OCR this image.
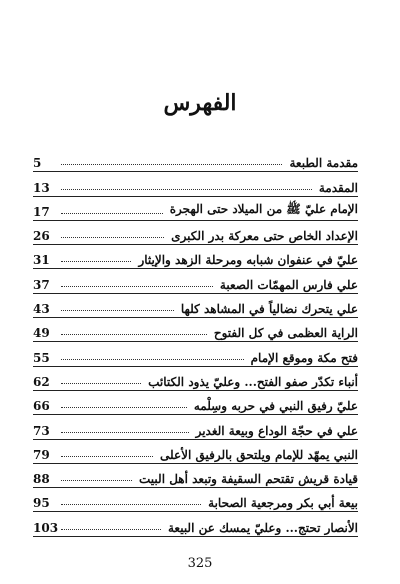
الفهرس
مقدمة الطبعة
5
المقدمة
13
الإمام عليّ ﷺ من الميلاد حتى الهجرة
17
الإعداد الخاص حتى معركة بدر الكبرى
26
عليّ في عنفوان شبابه ومرحلة الزهد والإيثار
31
علي فارس المهمّات الصعبة
37
علي يتحرك نضالياً في المشاهد كلها
43
الراية العظمى في كل الفتوح
49
فتح مكة وموقع الإمام
55
أنباء تكدّر صفو الفتح... وعليّ يذود الكتائب
62
عليّ رفيق النبي في حربه وسِلْمه
66
علي في حجّة الوداع وبيعة الغدير
73
النبي يمهّد للإمام ويلتحق بالرفيق الأعلى
79
قيادة قريش تقتحم السقيفة وتبعد أهل البيت
88
بيعة أبي بكر ومرجعية الصحابة
95
الأنصار تحتج... وعليّ يمسك عن البيعة
103
325
